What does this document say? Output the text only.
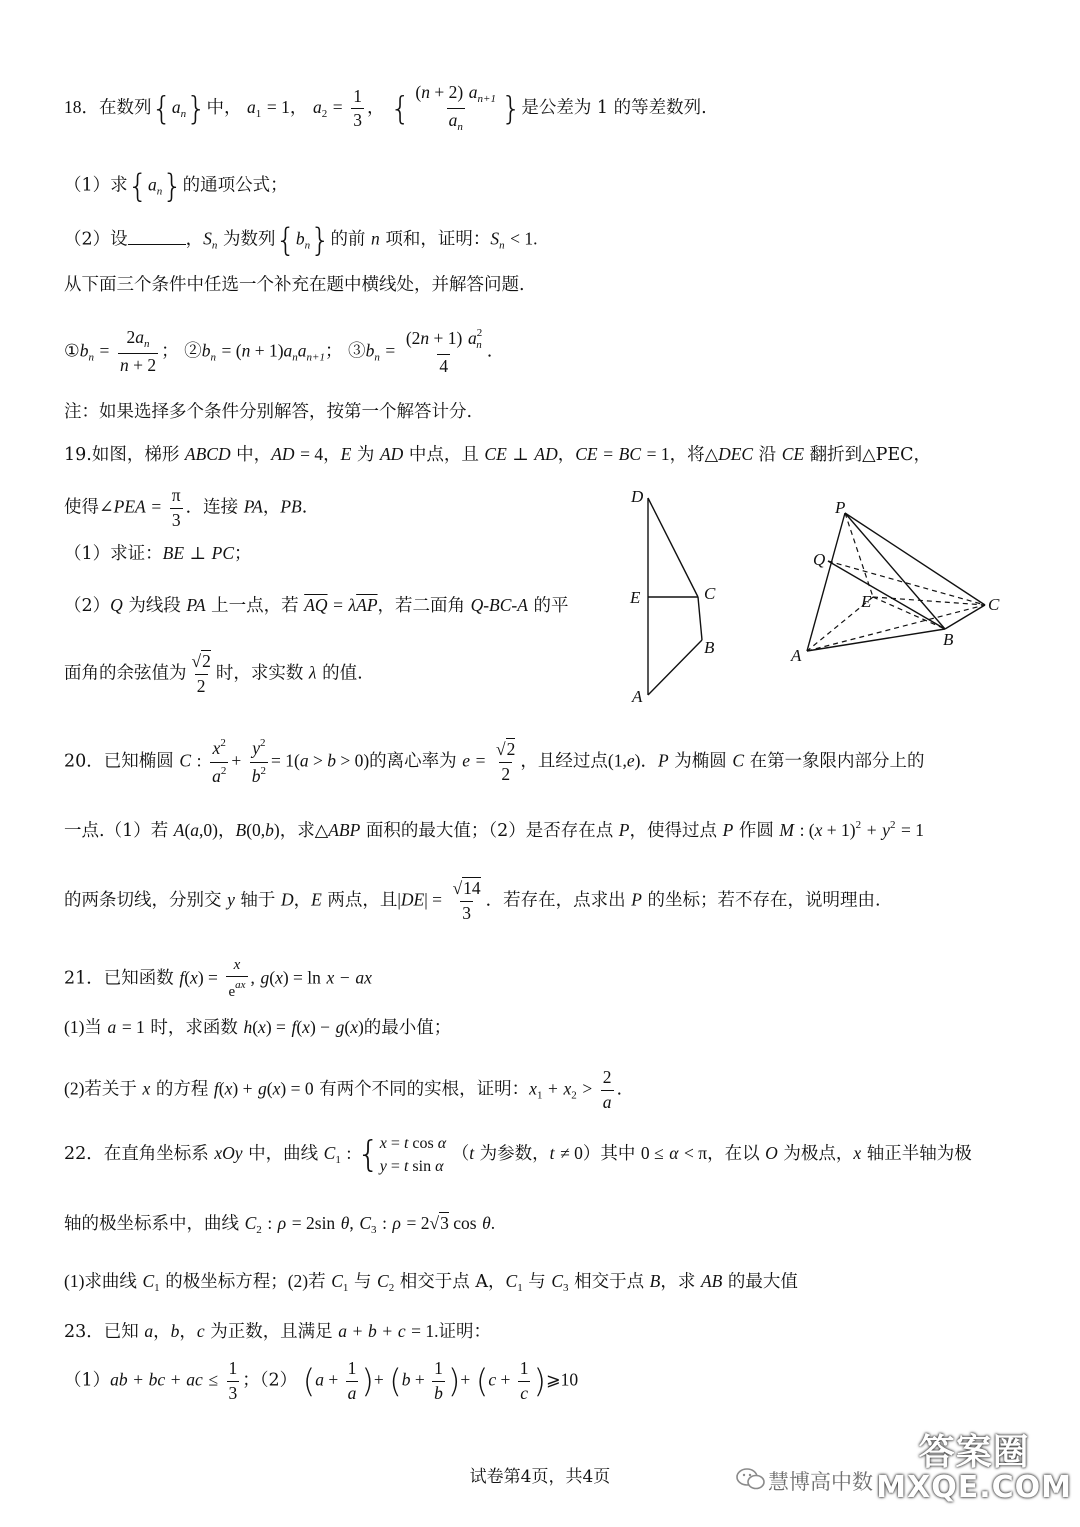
18．在数列$\{a_n\}$中， $a_1 = 1$， $a_2 = \frac{1}{3}$ ， { $\frac{(n + 2) a_{n+1}}{a_n}$ }是公差为 1 的等差数列.
（1）求$\{a_n\}$的通项公式；
（2）设	，$S_n$ 为数列$\{b_n\}$的前 n 项和，证明：$S_n < 1$.
从下面三个条件中任选一个补充在题中横线处，并解答问题.
$①b_n = \frac{2a_n}{n + 2}$ ； $②b_n = (n + 1)a_na_{n+1}$； $③b_n = \frac{(2n + 1) a^2_n}{4}$ .
注：如果选择多个条件分别解答，按第一个解答计分.
19.如图，梯形 ABCD 中，AD = 4，E 为 AD 中点，且 CE ⊥ AD，CE = BC = 1，将△DEC 沿 CE 翻折到△PEC，
使得∠PEA = $\frac{\pi}{3}$ ．连接 PA，PB.
（1）求证：BE ⊥ PC；
（2）Q 为线段 PA 上一点，若 $\overline{AQ} = \lambda\overline{AP}$，若二面角 Q-BC-A 的平
面角的余弦值为 $\frac{√2}{2}$ 时，求实数 λ 的值.
D
E	C
B
A
P
Q
E	C
B
A
20．已知椭圆 C : $\frac{x^2}{a^2} + \frac{y^2}{b^2} = 1(a > b > 0)$的离心率为 $e = \frac{√2}{2}$ ，且经过点(1,e)．P 为椭圆 C 在第一象限内部分上的
一点.（1）若 A(a,0)，B(0,b)，求△ABP 面积的最大值；（2）是否存在点 P，使得过点 P 作圆 M : $(x + 1)^2 + y^2 = 1$
的两条切线，分别交 y 轴于 D，E 两点，且$|DE| = \frac{√14}{3}$ ．若存在，点求出 P 的坐标；若不存在，说明理由.
21．已知函数 $f(x) = \frac{x}{e^{ax}}$ , g(x) = ln x − ax
(1)当 a = 1 时，求函数 h(x) = f(x) − g(x)的最小值；
(2)若关于 x 的方程 f(x) + g(x) = 0 有两个不同的实根，证明：$x_1 + x_2 > \frac{2}{a}$ .
22．在直角坐标系 xOy 中，曲线 $C_1$ : { x = t cos α
y = t sin α
（t 为参数，t ≠ 0）其中 0 ≤ α < π，在以 O 为极点，x 轴正半轴为极
轴的极坐标系中，曲线 $C_2$ : ρ = 2sin θ, $C_3$ : ρ = 2√3 cos θ.
(1)求曲线 $C_1$ 的极坐标方程；(2)若 $C_1$ 与 $C_2$ 相交于点 A，$C_1$ 与 $C_3$ 相交于点 B，求 AB 的最大值
23．已知 a，b，c 为正数，且满足 a + b + c = 1.证明：
（1）ab + bc + ac ≤ $\frac{1}{3}$ ；（2） ($a + \frac{1}{a}$ )+ ($b + \frac{1}{b}$ )+ ($c + \frac{1}{c}$ )⩾10
试卷第4页，共4页	慧博高中数
答案圈
MXQE.COM
